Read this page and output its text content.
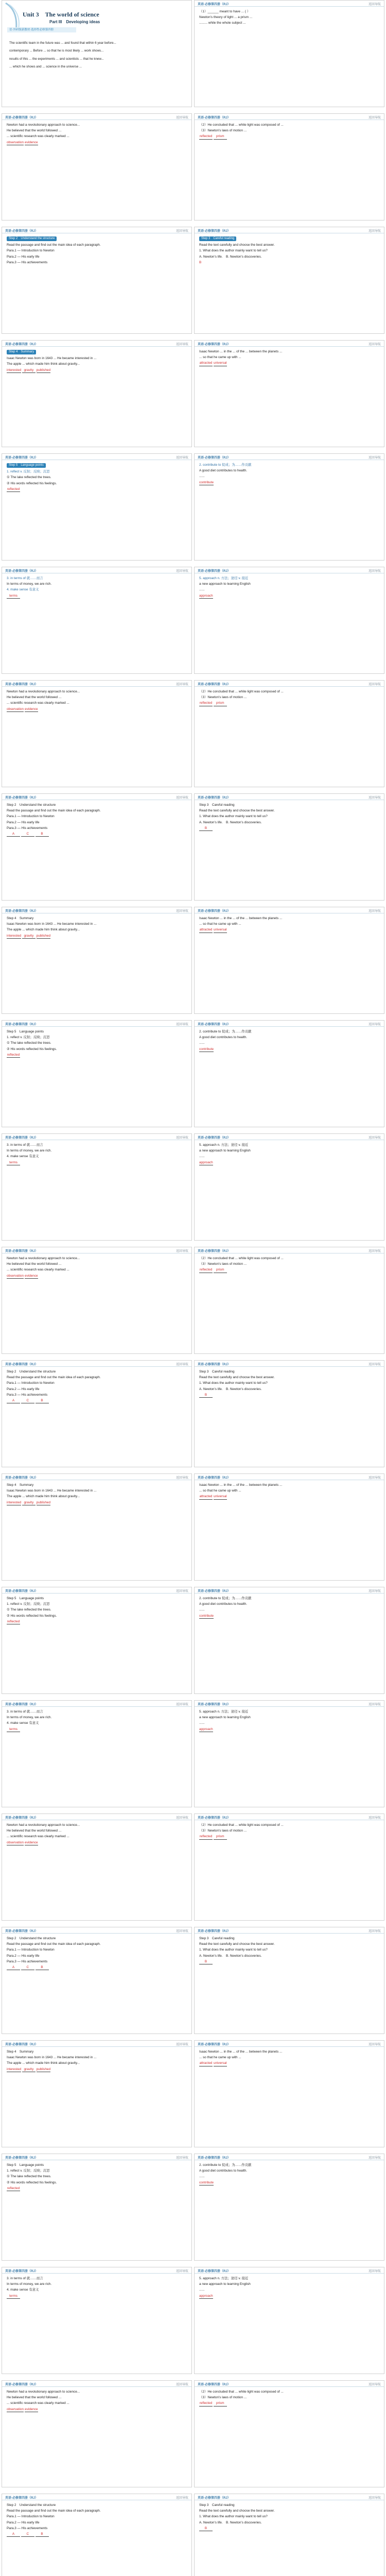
Unit 3　The world of science
Part III　Developing ideas
语·外研版新教材·选择性必修第四册

The scientific team in the future was ... and found that within 6 year before...

contemporary ... Before ... so that he is most likely ... work shows...

results of this ... the experiments ... and scientists ... that he knew...

... which he shows and ... science in the universe ...

英语·必修第四册（RJ）	返回导航

（1）______ meant to have ... ( ）

Newton's theory of light ... a prism ...

......... while the whole subject ...

英语·必修第四册（RJ）	返回导航

Newton had a revolutionary approach to science...

He believed that the world followed ...

... scientific research was clearly marked ...

observation evidence

英语·必修第四册（RJ）	返回导航

（2）He concluded that ... white light was composed of ...

（3）Newton's laws of motion ...

reflected prism

英语·必修第四册（RJ）	返回导航
Step 2　Understand the structure

Read the passage and find out the main idea of each paragraph.

Para.1 — Introduction to Newton

Para.2 — His early life

Para.3 — His achievements

英语·必修第四册（RJ）	返回导航
Step 3　Careful reading

Read the text carefully and choose the best answer.

1. What does the author mainly want to tell us?

A. Newton's life.　B. Newton's discoveries.

B

英语·必修第四册（RJ）	返回导航
Step 4　Summary

Isaac Newton was born in 1643 ... He became interested in ...

The apple ... which made him think about gravity...

interested gravity published

英语·必修第四册（RJ）	返回导航

Isaac Newton ... in the ... of the ... between the planets ...

... so that he came up with ...

attracted universal

英语·必修第四册（RJ）	返回导航
Step 5　Language points

1. reflect v. 反射；反映；沉思

① The lake reflected the trees.

② His words reflected his feelings.

reflected

英语·必修第四册（RJ）	返回导航

2. contribute to 促成；为……作贡献

A good diet contributes to health.

......

contribute

英语·必修第四册（RJ）	返回导航

3. in terms of 就……而言

In terms of money, we are rich.

4. make sense 有意义

terms

英语·必修第四册（RJ）	返回导航

5. approach n. 方法；途径 v. 接近

a new approach to learning English

......

approach

英语·必修第四册（RJ）	返回导航

Newton had a revolutionary approach to science...

He believed that the world followed ...

... scientific research was clearly marked ...

observation evidence

英语·必修第四册（RJ）	返回导航

（2）He concluded that ... white light was composed of ...

（3）Newton's laws of motion ...

reflected prism

英语·必修第四册（RJ）	返回导航

Step 2　Understand the structure

Read the passage and find out the main idea of each paragraph.

Para.1 — Introduction to Newton

Para.2 — His early life

Para.3 — His achievements

A	C	B

英语·必修第四册（RJ）	返回导航

Step 3　Careful reading

Read the text carefully and choose the best answer.

1. What does the author mainly want to tell us?

A. Newton's life.　B. Newton's discoveries.

B

英语·必修第四册（RJ）	返回导航

Step 4　Summary

Isaac Newton was born in 1643 ... He became interested in ...

The apple ... which made him think about gravity...

interested gravity published

英语·必修第四册（RJ）	返回导航

Isaac Newton ... in the ... of the ... between the planets ...

... so that he came up with ...

attracted universal

英语·必修第四册（RJ）	返回导航

Step 5　Language points

1. reflect v. 反射；反映；沉思

① The lake reflected the trees.

② His words reflected his feelings.

reflected

英语·必修第四册（RJ）	返回导航

2. contribute to 促成；为……作贡献

A good diet contributes to health.

......

contribute

英语·必修第四册（RJ）	返回导航

3. in terms of 就……而言

In terms of money, we are rich.

4. make sense 有意义

terms

英语·必修第四册（RJ）	返回导航

5. approach n. 方法；途径 v. 接近

a new approach to learning English

......

approach

英语·必修第四册（RJ）	返回导航

Newton had a revolutionary approach to science...

He believed that the world followed ...

... scientific research was clearly marked ...

observation evidence

英语·必修第四册（RJ）	返回导航

（2）He concluded that ... white light was composed of ...

（3）Newton's laws of motion ...

reflected prism

英语·必修第四册（RJ）	返回导航

Step 2　Understand the structure

Read the passage and find out the main idea of each paragraph.

Para.1 — Introduction to Newton

Para.2 — His early life

Para.3 — His achievements

A	C	B

英语·必修第四册（RJ）	返回导航

Step 3　Careful reading

Read the text carefully and choose the best answer.

1. What does the author mainly want to tell us?

A. Newton's life.　B. Newton's discoveries.

B

英语·必修第四册（RJ）	返回导航

Step 4　Summary

Isaac Newton was born in 1643 ... He became interested in ...

The apple ... which made him think about gravity...

interested gravity published

英语·必修第四册（RJ）	返回导航

Isaac Newton ... in the ... of the ... between the planets ...

... so that he came up with ...

attracted universal

英语·必修第四册（RJ）	返回导航

Step 5　Language points

1. reflect v. 反射；反映；沉思

① The lake reflected the trees.

② His words reflected his feelings.

reflected

英语·必修第四册（RJ）	返回导航

2. contribute to 促成；为……作贡献

A good diet contributes to health.

......

contribute

英语·必修第四册（RJ）	返回导航

3. in terms of 就……而言

In terms of money, we are rich.

4. make sense 有意义

terms

英语·必修第四册（RJ）	返回导航

5. approach n. 方法；途径 v. 接近

a new approach to learning English

......

approach

英语·必修第四册（RJ）	返回导航

Newton had a revolutionary approach to science...

He believed that the world followed ...

... scientific research was clearly marked ...

observation evidence

英语·必修第四册（RJ）	返回导航

（2）He concluded that ... white light was composed of ...

（3）Newton's laws of motion ...

reflected prism

英语·必修第四册（RJ）	返回导航

Step 2　Understand the structure

Read the passage and find out the main idea of each paragraph.

Para.1 — Introduction to Newton

Para.2 — His early life

Para.3 — His achievements

A	C	B

英语·必修第四册（RJ）	返回导航

Step 3　Careful reading

Read the text carefully and choose the best answer.

1. What does the author mainly want to tell us?

A. Newton's life.　B. Newton's discoveries.

B

英语·必修第四册（RJ）	返回导航

Step 4　Summary

Isaac Newton was born in 1643 ... He became interested in ...

The apple ... which made him think about gravity...

interested gravity published

英语·必修第四册（RJ）	返回导航

Isaac Newton ... in the ... of the ... between the planets ...

... so that he came up with ...

attracted universal

英语·必修第四册（RJ）	返回导航

Step 5　Language points

1. reflect v. 反射；反映；沉思

① The lake reflected the trees.

② His words reflected his feelings.

reflected

英语·必修第四册（RJ）	返回导航

2. contribute to 促成；为……作贡献

A good diet contributes to health.

......

contribute

英语·必修第四册（RJ）	返回导航

3. in terms of 就……而言

In terms of money, we are rich.

4. make sense 有意义

terms

英语·必修第四册（RJ）	返回导航

5. approach n. 方法；途径 v. 接近

a new approach to learning English

......

approach

英语·必修第四册（RJ）	返回导航

Newton had a revolutionary approach to science...

He believed that the world followed ...

... scientific research was clearly marked ...

observation evidence

英语·必修第四册（RJ）	返回导航

（2）He concluded that ... white light was composed of ...

（3）Newton's laws of motion ...

reflected prism

英语·必修第四册（RJ）	返回导航

Step 2　Understand the structure

Read the passage and find out the main idea of each paragraph.

Para.1 — Introduction to Newton

Para.2 — His early life

Para.3 — His achievements

A	C	B

英语·必修第四册（RJ）	返回导航

Step 3　Careful reading

Read the text carefully and choose the best answer.

1. What does the author mainly want to tell us?

A. Newton's life.　B. Newton's discoveries.

B
